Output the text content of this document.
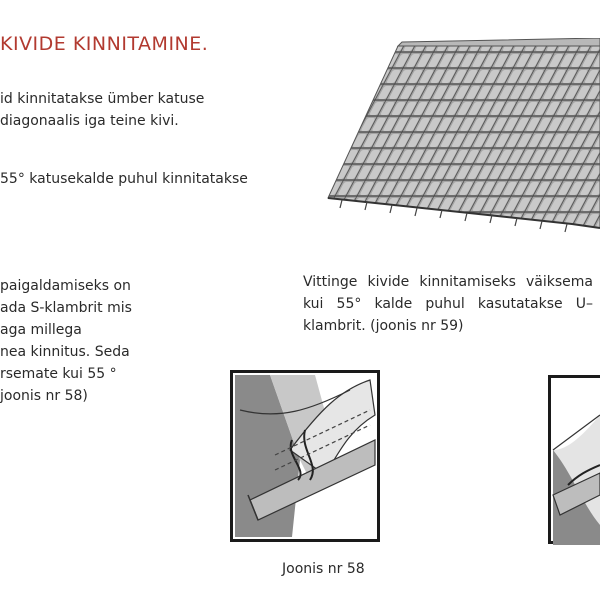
KIVIDE KINNITAMINE.
id kinnitatakse ümber katuse
diagonaalis iga teine kivi.
55° katusekalde puhul kinnitatakse
paigaldamiseks on
ada S-klambrit mis
aga millega
nea kinnitus. Seda
rsemate kui 55 °
joonis nr 58)
Vittinge kivide kinnitamiseks väiksema
kui 55° kalde puhul kasutatakse U–
klambrit. (joonis nr 59)
Joonis nr 58
